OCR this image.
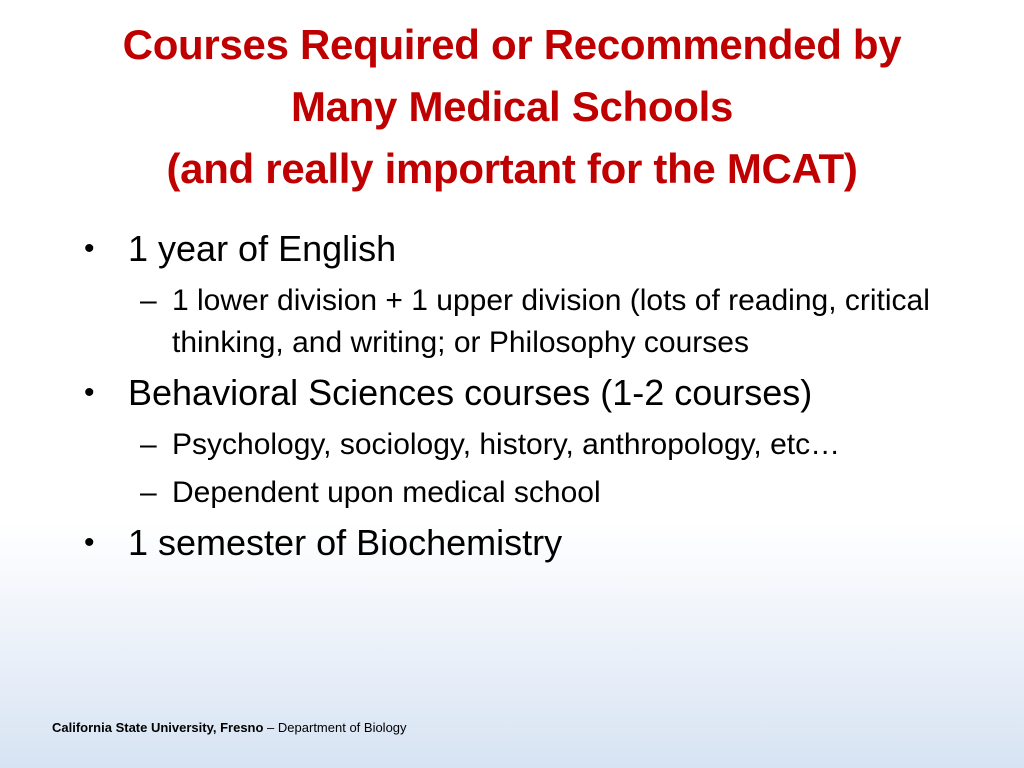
Courses Required or Recommended by
Many Medical Schools
(and really important for the MCAT)
• 1 year of English
– 1 lower division + 1 upper division (lots of reading, critical thinking, and writing; or Philosophy courses
• Behavioral Sciences courses (1-2 courses)
– Psychology, sociology, history, anthropology, etc…
– Dependent upon medical school
• 1 semester of Biochemistry
California State University, Fresno – Department of Biology
